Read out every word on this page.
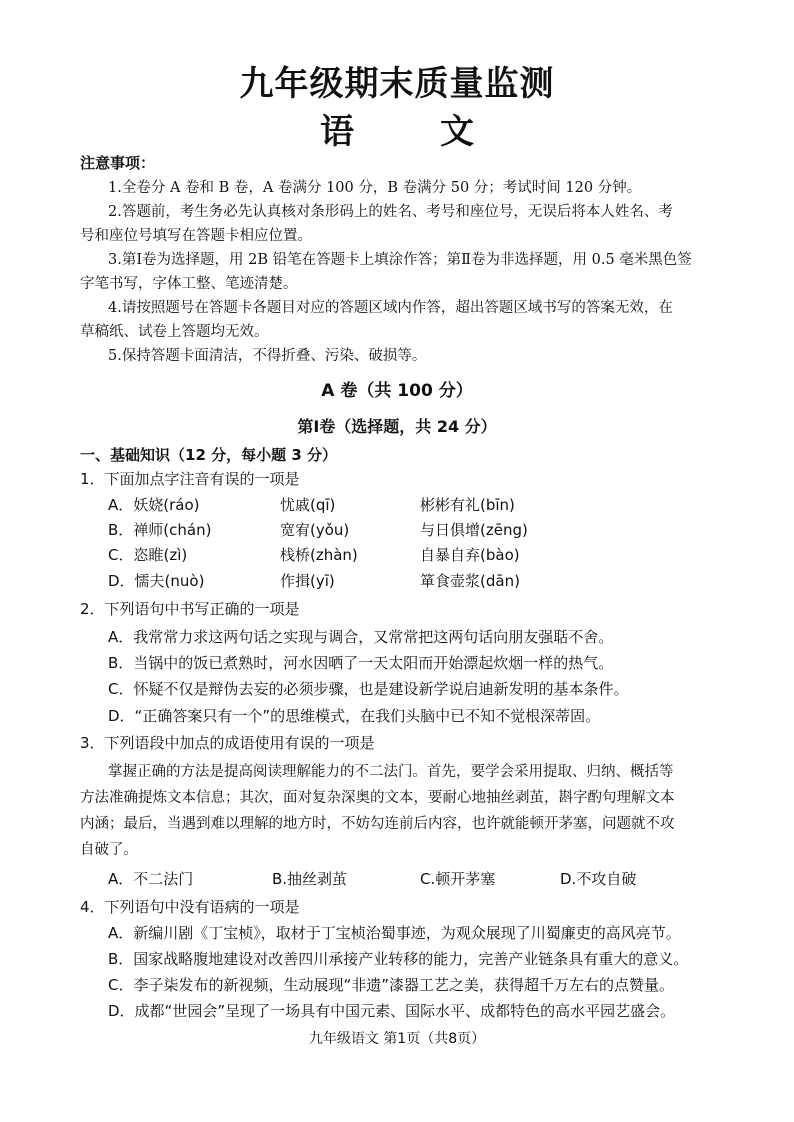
九年级期末质量监测
语　文
注意事项：
1.全卷分 A 卷和 B 卷，A 卷满分 100 分，B 卷满分 50 分；考试时间 120 分钟。
2.答题前，考生务必先认真核对条形码上的姓名、考号和座位号，无误后将本人姓名、考
号和座位号填写在答题卡相应位置。
3.第Ⅰ卷为选择题，用 2B 铅笔在答题卡上填涂作答；第Ⅱ卷为非选择题，用 0.5 毫米黑色签
字笔书写，字体工整、笔迹清楚。
4.请按照题号在答题卡各题目对应的答题区域内作答，超出答题区域书写的答案无效，在
草稿纸、试卷上答题均无效。
5.保持答题卡面清洁，不得折叠、污染、破损等。
A 卷（共 100 分）
第Ⅰ卷（选择题，共 24 分）
一、基础知识（12 分，每小题 3 分）
1．下面加点字注音有误的一项是
A．妖娆(ráo)	忧戚(qī)	彬彬有礼(bīn)
B．禅师(chán)	宽宥(yǒu)	与日俱增(zēng)
C．恣睢(zì)	栈桥(zhàn)	自暴自弃(bào)
D．懦夫(nuò)	作揖(yī)	箪食壶浆(dān)
2．下列语句中书写正确的一项是
A．我常常力求这两句话之实现与调合，又常常把这两句话向朋友强聒不舍。
B．当锅中的饭已煮熟时，河水因晒了一天太阳而开始漂起炊烟一样的热气。
C．怀疑不仅是辩伪去妄的必须步骤，也是建设新学说启迪新发明的基本条件。
D．“正确答案只有一个”的思维模式，在我们头脑中已不知不觉根深蒂固。
3．下列语段中加点的成语使用有误的一项是
掌握正确的方法是提高阅读理解能力的不二法门。首先，要学会采用提取、归纳、概括等
方法准确提炼文本信息；其次，面对复杂深奥的文本，要耐心地抽丝剥茧，斟字酌句理解文本
内涵；最后，当遇到难以理解的地方时，不妨勾连前后内容，也许就能顿开茅塞，问题就不攻
自破了。
A．不二法门	B.抽丝剥茧	C.顿开茅塞	D.不攻自破
4．下列语句中没有语病的一项是
A．新编川剧《丁宝桢》，取材于丁宝桢治蜀事迹，为观众展现了川蜀廉吏的高风亮节。
B．国家战略腹地建设对改善四川承接产业转移的能力，完善产业链条具有重大的意义。
C．李子柒发布的新视频，生动展现“非遗”漆器工艺之美，获得超千万左右的点赞量。
D．成都“世园会”呈现了一场具有中国元素、国际水平、成都特色的高水平园艺盛会。
九年级语文 第1页（共8页）
